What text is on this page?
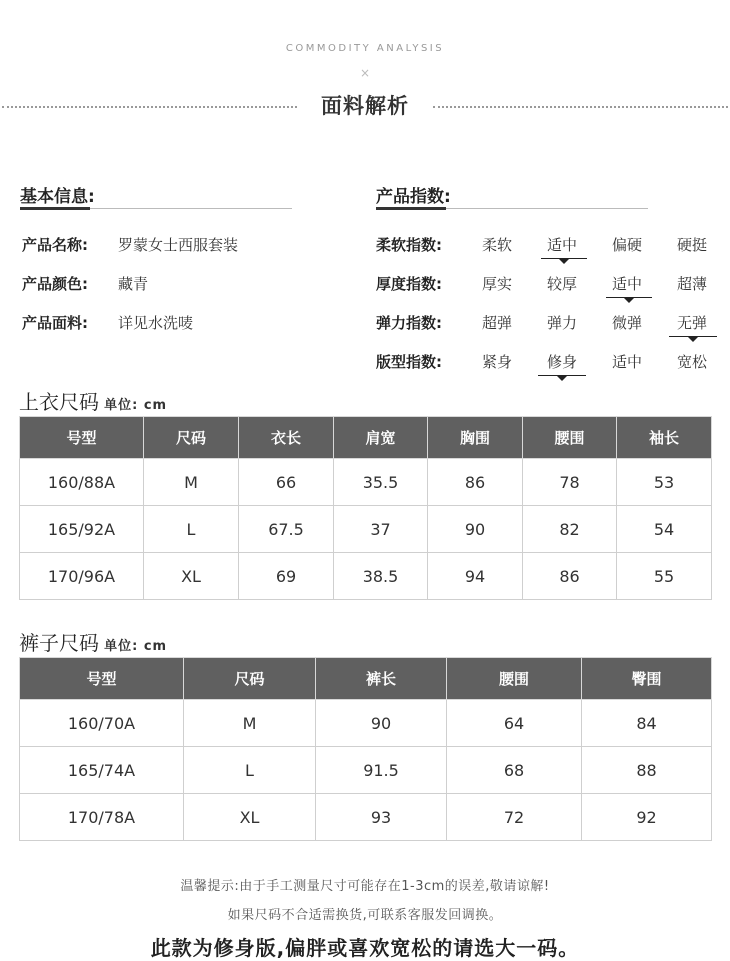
COMMODITY ANALYSIS
×
面料解析
基本信息:
产品名称: 罗蒙女士西服套装
产品颜色: 藏青
产品面料: 详见水洗唛
产品指数:
柔软指数:	柔软	适中	偏硬	硬挺
厚度指数:	厚实	较厚	适中	超薄
弹力指数:	超弹	弹力	微弹	无弹
版型指数:	紧身	修身	适中	宽松
上衣尺码 单位: cm
号型	尺码	衣长	肩宽	胸围	腰围	袖长
160/88A	M	66	35.5	86	78	53
165/92A	L	67.5	37	90	82	54
170/96A	XL	69	38.5	94	86	55
裤子尺码 单位: cm
号型	尺码	裤长	腰围	臀围
160/70A	M	90	64	84
165/74A	L	91.5	68	88
170/78A	XL	93	72	92
温馨提示:由于手工测量尺寸可能存在1-3cm的误差,敬请谅解!
如果尺码不合适需换货,可联系客服发回调换。
此款为修身版,偏胖或喜欢宽松的请选大一码。
